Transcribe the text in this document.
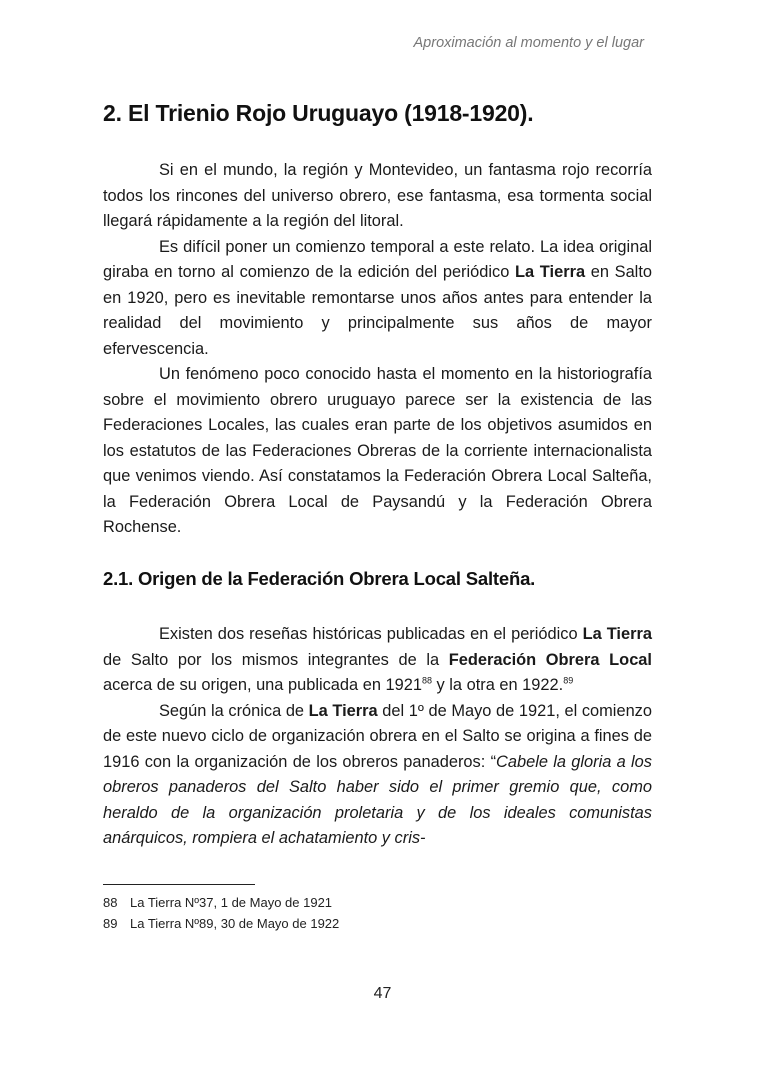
Aproximación al momento y el lugar
2. El Trienio Rojo Uruguayo (1918-1920).

Si en el mundo, la región y Montevideo, un fantasma rojo recorría todos los rincones del universo obrero, ese fantasma, esa tormenta social llegará rápidamente a la región del litoral.

Es difícil poner un comienzo temporal a este relato. La idea original giraba en torno al comienzo de la edición del periódico La Tierra en Salto en 1920, pero es inevitable remontarse unos años antes para entender la realidad del movimiento y principalmente sus años de mayor efervescencia.

Un fenómeno poco conocido hasta el momento en la historiografía sobre el movimiento obrero uruguayo parece ser la existencia de las Federaciones Locales, las cuales eran parte de los objetivos asumidos en los estatutos de las Federaciones Obreras de la corriente internacionalista que venimos viendo. Así constatamos la Federación Obrera Local Salteña, la Federación Obrera Local de Paysandú y la Federación Obrera Rochense.

2.1. Origen de la Federación Obrera Local Salteña.

Existen dos reseñas históricas publicadas en el periódico La Tierra de Salto por los mismos integrantes de la Federación Obrera Local acerca de su origen, una publicada en 1921$^{88}$ y la otra en 1922.89

Según la crónica de La Tierra del 1º de Mayo de 1921, el comienzo de este nuevo ciclo de organización obrera en el Salto se origina a fines de 1916 con la organización de los obreros panaderos: “Cabele la gloria a los obreros panaderos del Salto haber sido el primer gremio que, como heraldo de la organización proletaria y de los ideales comunistas anárquicos, rompiera el achatamiento y cris-

88 La Tierra Nº37, 1 de Mayo de 1921
89 La Tierra Nº89, 30 de Mayo de 1922
47
